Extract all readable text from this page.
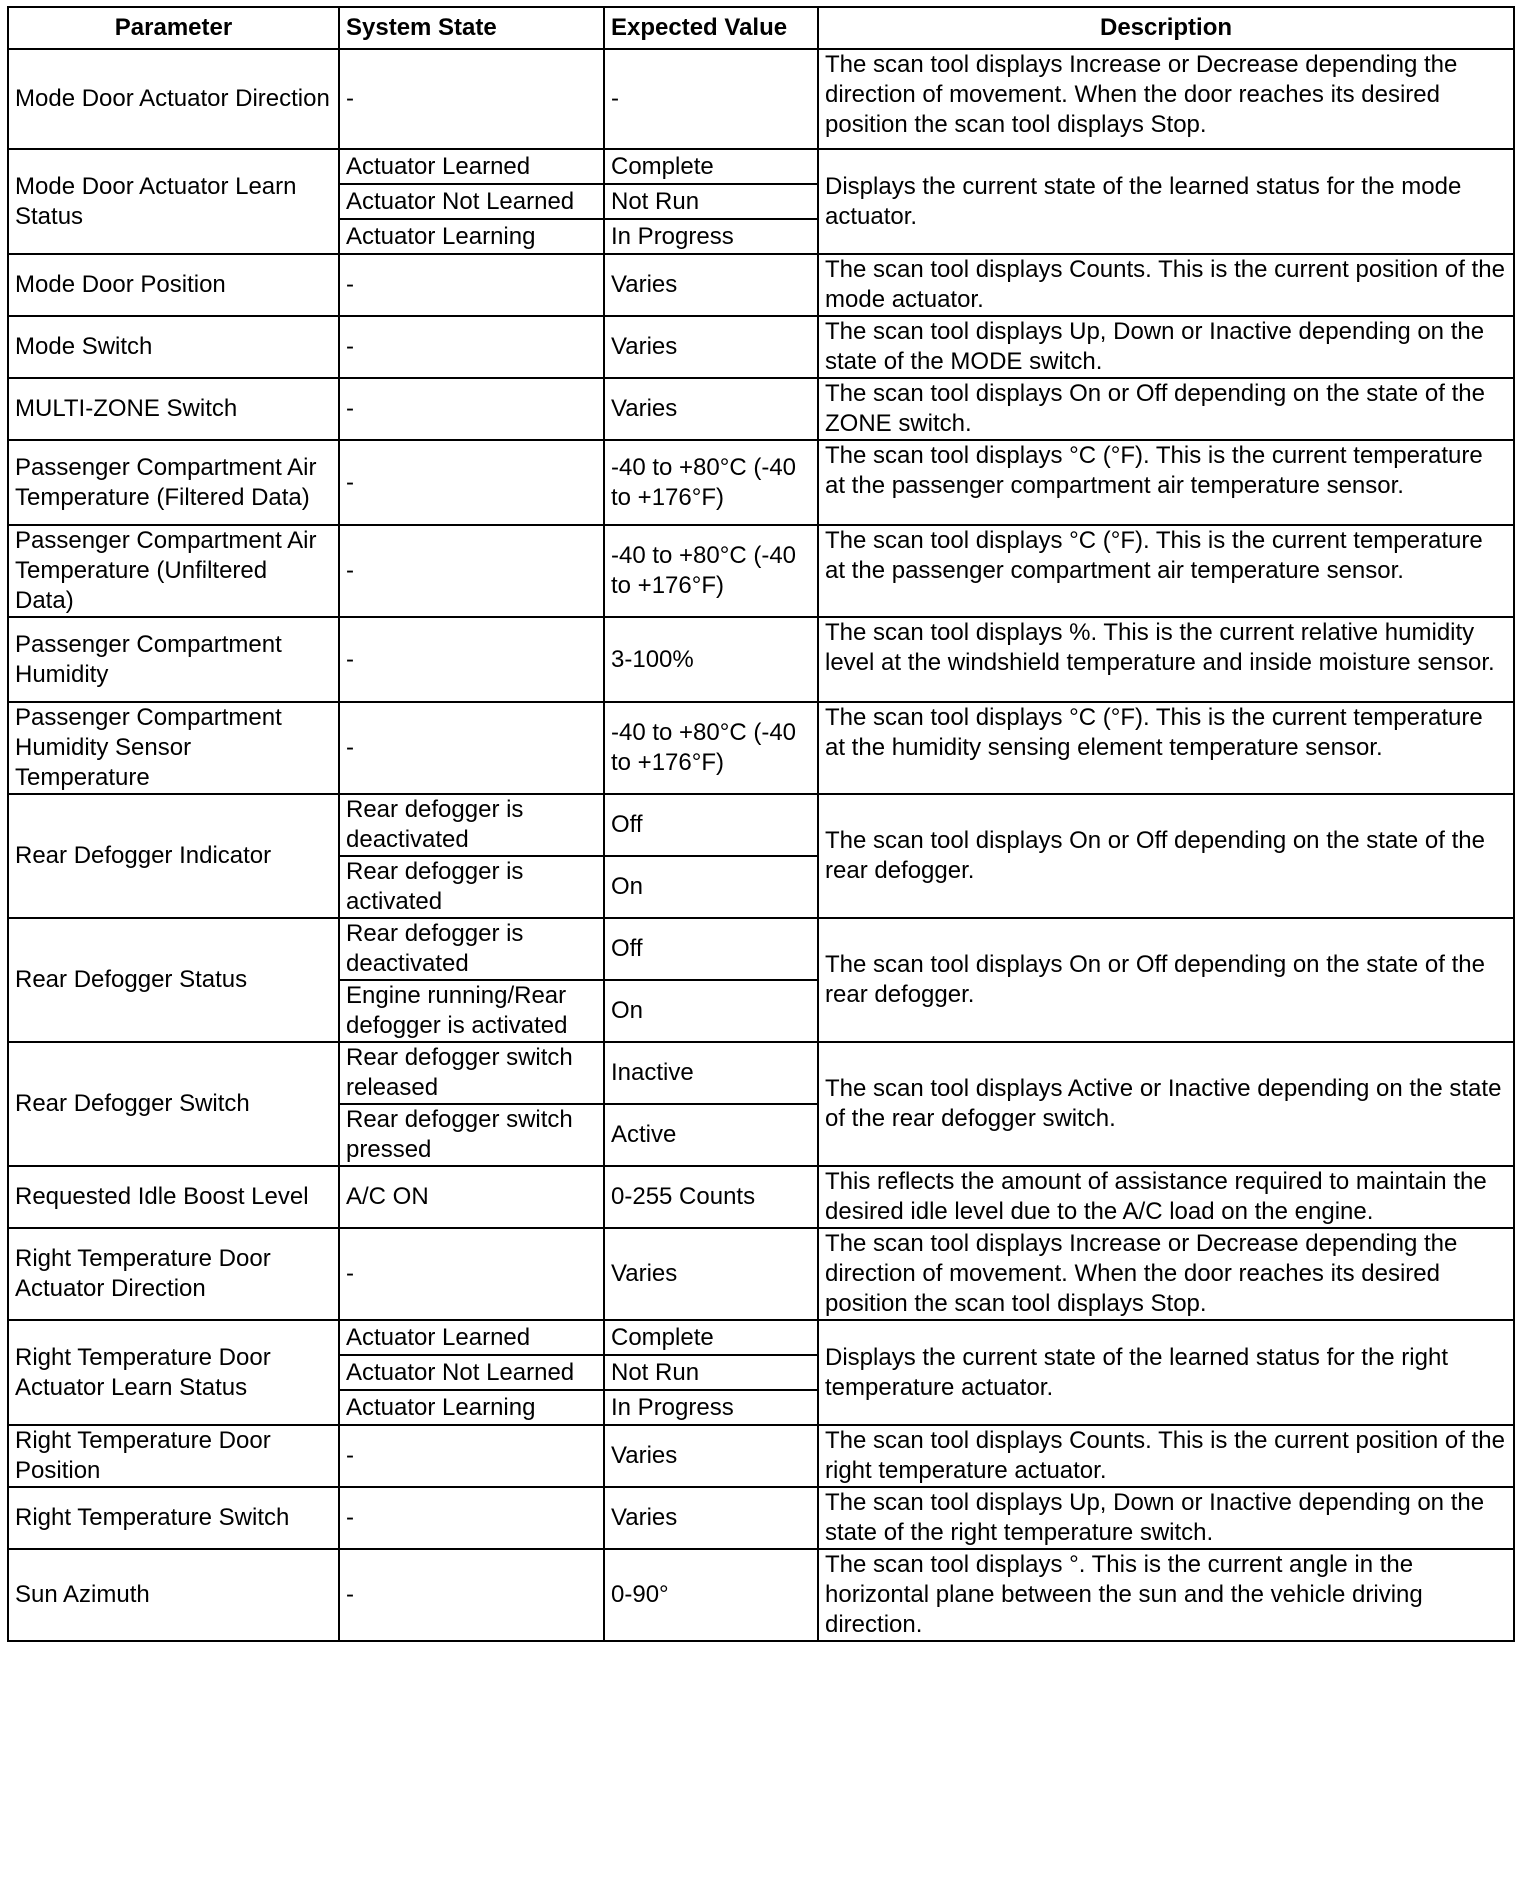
Parameter	System State	Expected Value	Description
Mode Door Actuator Direction	-	-	The scan tool displays Increase or Decrease depending the direction of movement. When the door reaches its desired position the scan tool displays Stop.
Mode Door Actuator Learn Status	Actuator Learned	Complete	Displays the current state of the learned status for the mode actuator.
	Actuator Not Learned	Not Run	
	Actuator Learning	In Progress	
Mode Door Position	-	Varies	The scan tool displays Counts. This is the current position of the mode actuator.
Mode Switch	-	Varies	The scan tool displays Up, Down or Inactive depending on the state of the MODE switch.
MULTI-ZONE Switch	-	Varies	The scan tool displays On or Off depending on the state of the ZONE switch.
Passenger Compartment Air Temperature (Filtered Data)	-	-40 to +80°C (-40 to +176°F)	The scan tool displays °C (°F). This is the current temperature at the passenger compartment air temperature sensor.
Passenger Compartment Air Temperature (Unfiltered Data)	-	-40 to +80°C (-40 to +176°F)	The scan tool displays °C (°F). This is the current temperature at the passenger compartment air temperature sensor.
Passenger Compartment Humidity	-	3-100%	The scan tool displays %. This is the current relative humidity level at the windshield temperature and inside moisture sensor.
Passenger Compartment Humidity Sensor Temperature	-	-40 to +80°C (-40 to +176°F)	The scan tool displays °C (°F). This is the current temperature at the humidity sensing element temperature sensor.
Rear Defogger Indicator	Rear defogger is deactivated	Off	The scan tool displays On or Off depending on the state of the rear defogger.
	Rear defogger is activated	On	
Rear Defogger Status	Rear defogger is deactivated	Off	The scan tool displays On or Off depending on the state of the rear defogger.
	Engine running/Rear defogger is activated	On	
Rear Defogger Switch	Rear defogger switch released	Inactive	The scan tool displays Active or Inactive depending on the state of the rear defogger switch.
	Rear defogger switch pressed	Active	
Requested Idle Boost Level	A/C ON	0-255 Counts	This reflects the amount of assistance required to maintain the desired idle level due to the A/C load on the engine.
Right Temperature Door Actuator Direction	-	Varies	The scan tool displays Increase or Decrease depending the direction of movement. When the door reaches its desired position the scan tool displays Stop.
Right Temperature Door Actuator Learn Status	Actuator Learned	Complete	Displays the current state of the learned status for the right temperature actuator.
	Actuator Not Learned	Not Run	
	Actuator Learning	In Progress	
Right Temperature Door Position	-	Varies	The scan tool displays Counts. This is the current position of the right temperature actuator.
Right Temperature Switch	-	Varies	The scan tool displays Up, Down or Inactive depending on the state of the right temperature switch.
Sun Azimuth	-	0-90°	The scan tool displays °. This is the current angle in the horizontal plane between the sun and the vehicle driving direction.
